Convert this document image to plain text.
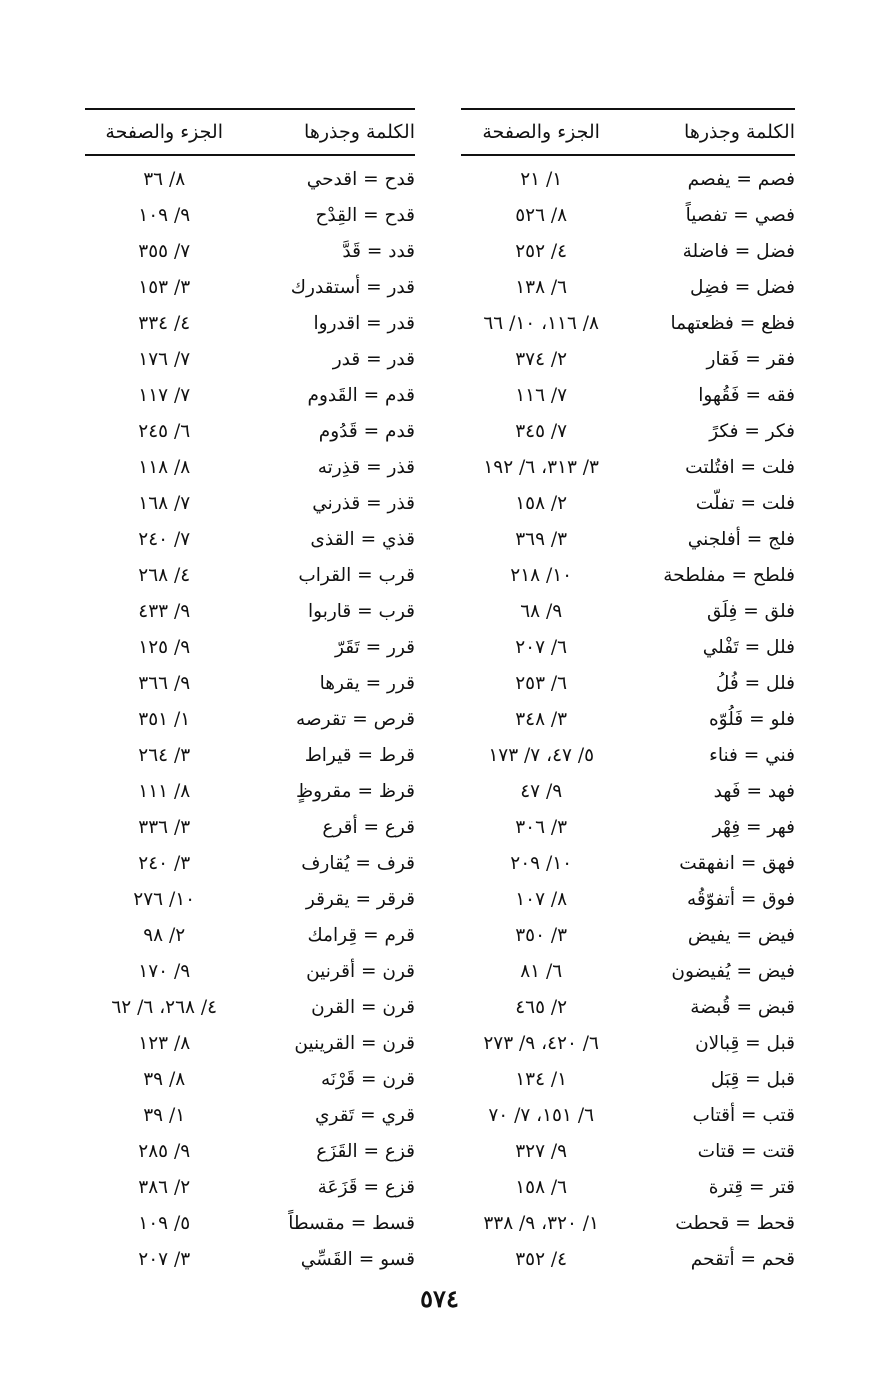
الكلمة وجذرها
الجزء والصفحة
فصم = يفصم
١/ ٢١
فصي = تفصياً
٨/ ٥٢٦
فضل = فاضلة
٤/ ٢٥٢
فضل = فضِل
٦/ ١٣٨
فظع = فظعتهما
٨/ ١١٦، ١٠/ ٦٦
فقر = فَقار
٢/ ٣٧٤
فقه = فَقُهوا
٧/ ١١٦
فكر = فكرً
٧/ ٣٤٥
فلت = افتُلتت
٣/ ٣١٣، ٦/ ١٩٢
فلت = تفلّت
٢/ ١٥٨
فلج = أفلجني
٣/ ٣٦٩
فلطح = مفلطحة
١٠/ ٢١٨
فلق = فِلَق
٩/ ٦٨
فلل = تَفْلي
٦/ ٢٠٧
فلل = فُلُ
٦/ ٢٥٣
فلو = فَلُوّه
٣/ ٣٤٨
فني = فناء
٥/ ٤٧، ٧/ ١٧٣
فهد = فَهد
٩/ ٤٧
فهر = فِهْر
٣/ ٣٠٦
فهق = انفهقت
١٠/ ٢٠٩
فوق = أتفوّقُه
٨/ ١٠٧
فيض = يفيض
٣/ ٣٥٠
فيض = يُفيضون
٦/ ٨١
قبض = قُبضة
٢/ ٤٦٥
قبل = قِبالان
٦/ ٤٢٠، ٩/ ٢٧٣
قبل = قِبَل
١/ ١٣٤
قتب = أقتاب
٦/ ١٥١، ٧/ ٧٠
قتت = قتات
٩/ ٣٢٧
قتر = قِترة
٦/ ١٥٨
قحط = قحطت
١/ ٣٢٠، ٩/ ٣٣٨
قحم = أتقحم
٤/ ٣٥٢
الكلمة وجذرها
الجزء والصفحة
قدح = اقدحي
٨/ ٣٦
قدح = القِدْح
٩/ ١٠٩
قدد = قَدَّ
٧/ ٣٥٥
قدر = أستقدرك
٣/ ١٥٣
قدر = اقدروا
٤/ ٣٣٤
قدر = قدر
٧/ ١٧٦
قدم = القَدوم
٧/ ١١٧
قدم = قَدُوم
٦/ ٢٤٥
قذر = قذِرته
٨/ ١١٨
قذر = قذرني
٧/ ١٦٨
قذي = القذى
٧/ ٢٤٠
قرب = القراب
٤/ ٢٦٨
قرب = قاربوا
٩/ ٤٣٣
قرر = تَقَرّ
٩/ ١٢٥
قرر = يقرها
٩/ ٣٦٦
قرص = تقرصه
١/ ٣٥١
قرط = قيراط
٣/ ٢٦٤
قرظ = مقروظٍ
٨/ ١١١
قرع = أقرع
٣/ ٣٣٦
قرف = يُقارف
٣/ ٢٤٠
قرقر = يقرقر
١٠/ ٢٧٦
قرم = قِرامك
٢/ ٩٨
قرن = أقرنين
٩/ ١٧٠
قرن = القرن
٤/ ٢٦٨، ٦/ ٦٢
قرن = القرينين
٨/ ١٢٣
قرن = قَرْنَه
٨/ ٣٩
قري = تَقري
١/ ٣٩
قزع = القَزَع
٩/ ٢٨٥
قزع = قَزَعَة
٢/ ٣٨٦
قسط = مقسطاً
٥/ ١٠٩
قسو = القَسِّي
٣/ ٢٠٧
٥٧٤
